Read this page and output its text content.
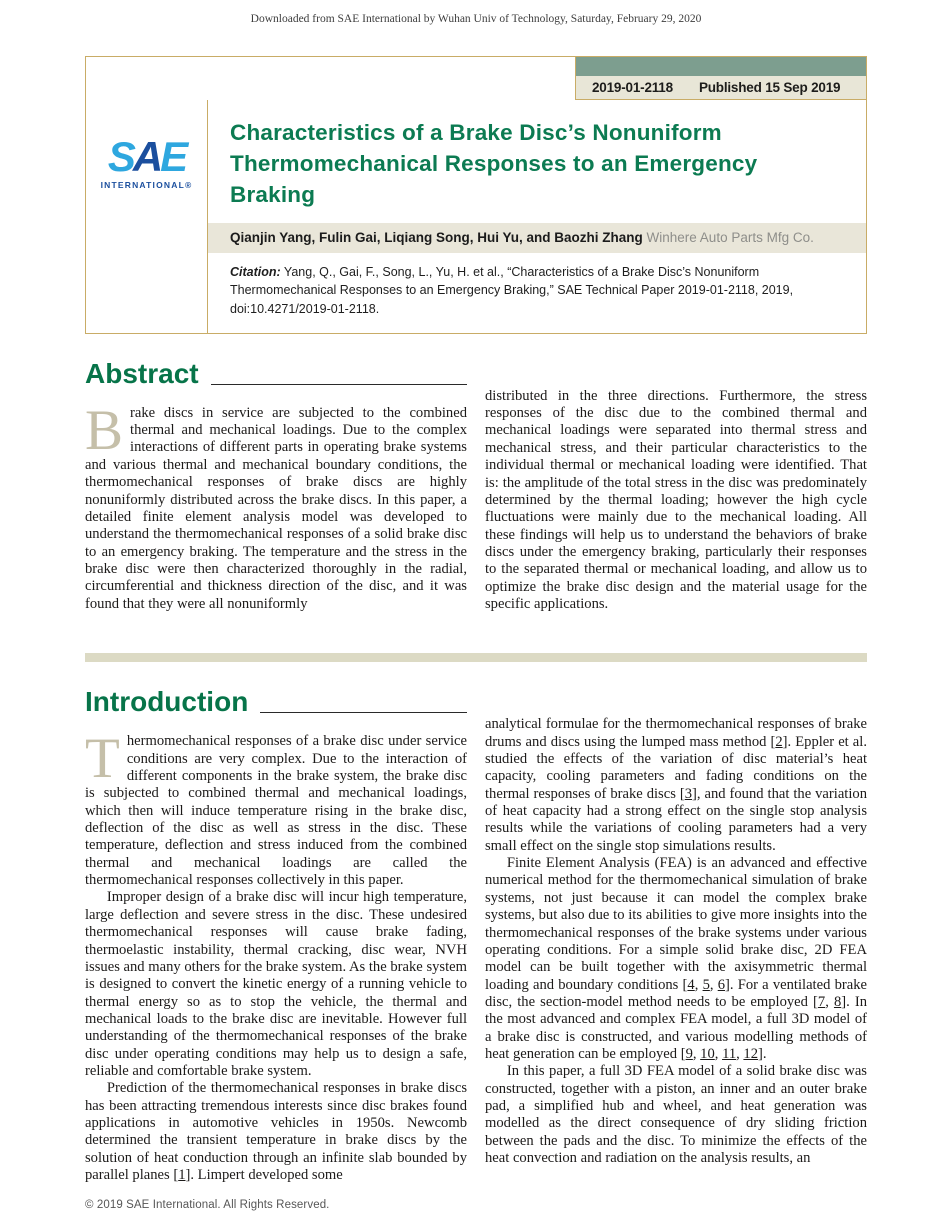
Downloaded from SAE International by Wuhan Univ of Technology, Saturday, February 29, 2020
2019-01-2118 Published 15 Sep 2019
SAE
INTERNATIONAL®
Characteristics of a Brake Disc’s Nonuniform Thermomechanical Responses to an Emergency Braking
Qianjin Yang, Fulin Gai, Liqiang Song, Hui Yu, and Baozhi Zhang Winhere Auto Parts Mfg Co.
Citation: Yang, Q., Gai, F., Song, L., Yu, H. et al., “Characteristics of a Brake Disc’s Nonuniform Thermomechanical Responses to an Emergency Braking,” SAE Technical Paper 2019-01-2118, 2019, doi:10.4271/2019-01-2118.
Abstract

Brake discs in service are subjected to the combined thermal and mechanical loadings. Due to the complex interactions of different parts in operating brake systems and various thermal and mechanical boundary conditions, the thermomechanical responses of brake discs are highly nonuniformly distributed across the brake discs. In this paper, a detailed finite element analysis model was developed to understand the thermomechanical responses of a solid brake disc to an emergency braking. The temperature and the stress in the brake disc were then characterized thoroughly in the radial, circumferential and thickness direction of the disc, and it was found that they were all nonuniformly

distributed in the three directions. Furthermore, the stress responses of the disc due to the combined thermal and mechanical loadings were separated into thermal stress and mechanical stress, and their particular characteristics to the individual thermal or mechanical loading were identified. That is: the amplitude of the total stress in the disc was predominately determined by the thermal loading; however the high cycle fluctuations were mainly due to the mechanical loading. All these findings will help us to understand the behaviors of brake discs under the emergency braking, particularly their responses to the separated thermal or mechanical loading, and allow us to optimize the brake disc design and the material usage for the specific applications.

Introduction

Thermomechanical responses of a brake disc under service conditions are very complex. Due to the interaction of different components in the brake system, the brake disc is subjected to combined thermal and mechanical loadings, which then will induce temperature rising in the brake disc, deflection of the disc as well as stress in the disc. These temperature, deflection and stress induced from the combined thermal and mechanical loadings are called the thermomechanical responses collectively in this paper.

Improper design of a brake disc will incur high temperature, large deflection and severe stress in the disc. These undesired thermomechanical responses will cause brake fading, thermoelastic instability, thermal cracking, disc wear, NVH issues and many others for the brake system. As the brake system is designed to convert the kinetic energy of a running vehicle to thermal energy so as to stop the vehicle, the thermal and mechanical loads to the brake disc are inevitable. However full understanding of the thermomechanical responses of the brake disc under operating conditions may help us to design a safe, reliable and comfortable brake system.

Prediction of the thermomechanical responses in brake discs has been attracting tremendous interests since disc brakes found applications in automotive vehicles in 1950s. Newcomb determined the transient temperature in brake discs by the solution of heat conduction through an infinite slab bounded by parallel planes [1]. Limpert developed some

analytical formulae for the thermomechanical responses of brake drums and discs using the lumped mass method [2]. Eppler et al. studied the effects of the variation of disc material’s heat capacity, cooling parameters and fading conditions on the thermal responses of brake discs [3], and found that the variation of heat capacity had a strong effect on the single stop analysis results while the variations of cooling parameters had a very small effect on the single stop simulations results.

Finite Element Analysis (FEA) is an advanced and effective numerical method for the thermomechanical simulation of brake systems, not just because it can model the complex brake systems, but also due to its abilities to give more insights into the thermomechanical responses of the brake systems under various operating conditions. For a simple solid brake disc, 2D FEA model can be built together with the axisymmetric thermal loading and boundary conditions [4, 5, 6]. For a ventilated brake disc, the section-model method needs to be employed [7, 8]. In the most advanced and complex FEA model, a full 3D model of a brake disc is constructed, and various modelling methods of heat generation can be employed [9, 10, 11, 12].

In this paper, a full 3D FEA model of a solid brake disc was constructed, together with a piston, an inner and an outer brake pad, a simplified hub and wheel, and heat generation was modelled as the direct consequence of dry sliding friction between the pads and the disc. To minimize the effects of the heat convection and radiation on the analysis results, an

© 2019 SAE International. All Rights Reserved.
